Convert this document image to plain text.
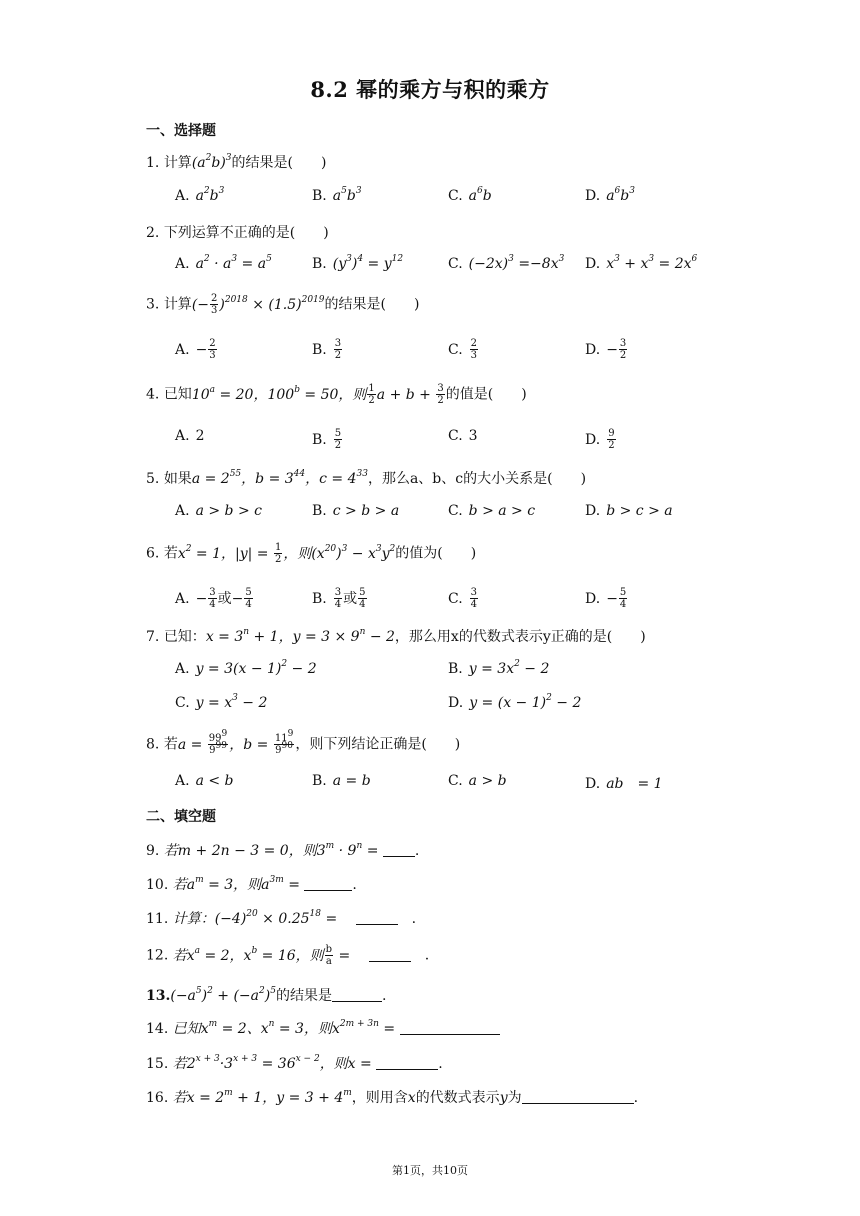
8.2 幂的乘方与积的乘方
一、选择题
1. 计算$(a^2b)^3$的结果是(　　)
A. $a^2b^3$	B. $a^5b^3$	C. $a^6b$	D. $a^6b^3$
2. 下列运算不正确的是(　　)
A. $a^2 \cdot a^3 = a^5$	B. $(y^3)^4 = y^{12}$	C. $(-2x)^3 =-8x^3$ D. $x^3 + x^3 = 2x^6$
3. 计算(− $\frac{2}{3} )^{2018} \times (1.5)^{2019}$的结果是(　　)
A. − $\frac{2}{3}$	B. $\frac{3}{2}$	C. $\frac{2}{3}$	D. − $\frac{3}{2}$
4. 已知$10^a = 20$，$100^b = 50$，则 $\frac{1}{2}$ $a + b + \frac{3}{2}$ 的值是(　　)
A. 2	B. $\frac{5}{2}$	C. 3	D. $\frac{9}{2}$
5. 如果$a = 2^{55}$，$b = 3^{44}$，$c = 4^{33}$，那么a、b、c的大小关系是(　　)
A. a > b > c	B. c > b > a	C. b > a > c	D. b > c > a
6. 若$x^2 = 1$，$|y| = \frac{1}{2}$ ，则$(x^{20})^3 - x^3y^2$的值为(　　)
A. − $\frac{3}{4}$ 或− $\frac{5}{4}$	B. $\frac{3}{4}$ 或 $\frac{5}{4}$	C. $\frac{3}{4}$	D. − $\frac{5}{4}$
7. 已知：$x = 3^n + 1$，$y = 3 \times 9^n - 2$，那么用x的代数式表示y正确的是(　　)
A. $y = 3(x - 1)^2 - 2$	B. $y = 3x^2 - 2$
C. $y = x^3 - 2$	D. $y = (x - 1)^2 - 2$
8. 若$a = \frac{99^9}{9^{99}}$ ，$b = \frac{11^9}{9^{90}}$ ，则下列结论正确是(　　)
A. a < b	B. a = b	C. a > b	D. ab　= 1
二、填空题
9. 若m + 2n − 3 = 0，则$3^m \cdot 9^n$ = .
10. 若$a^m = 3$，则$a^{3m}$ =	.
11. 计算：$(-4)^{20} \times 0.25^{18}$ = 　　	.
12. 若$x^a = 2$，$x^b = 16$，则 $\frac{b}{a}$ = 　　	.
$13.(-a^5)^2 + (-a^2)^5$的结果是	.
14. 已知$x^m = 2$、$x^n = 3$，则$x^{2m + 3n}$ =
15. 若$2^{x + 3}\cdot 3^{x + 3} = 36^{x - 2}$，则x =	.
16. 若$x = 2^m + 1$，$y = 3 + 4^m$，则用含x的代数式表示y为	.
第1页，共10页
